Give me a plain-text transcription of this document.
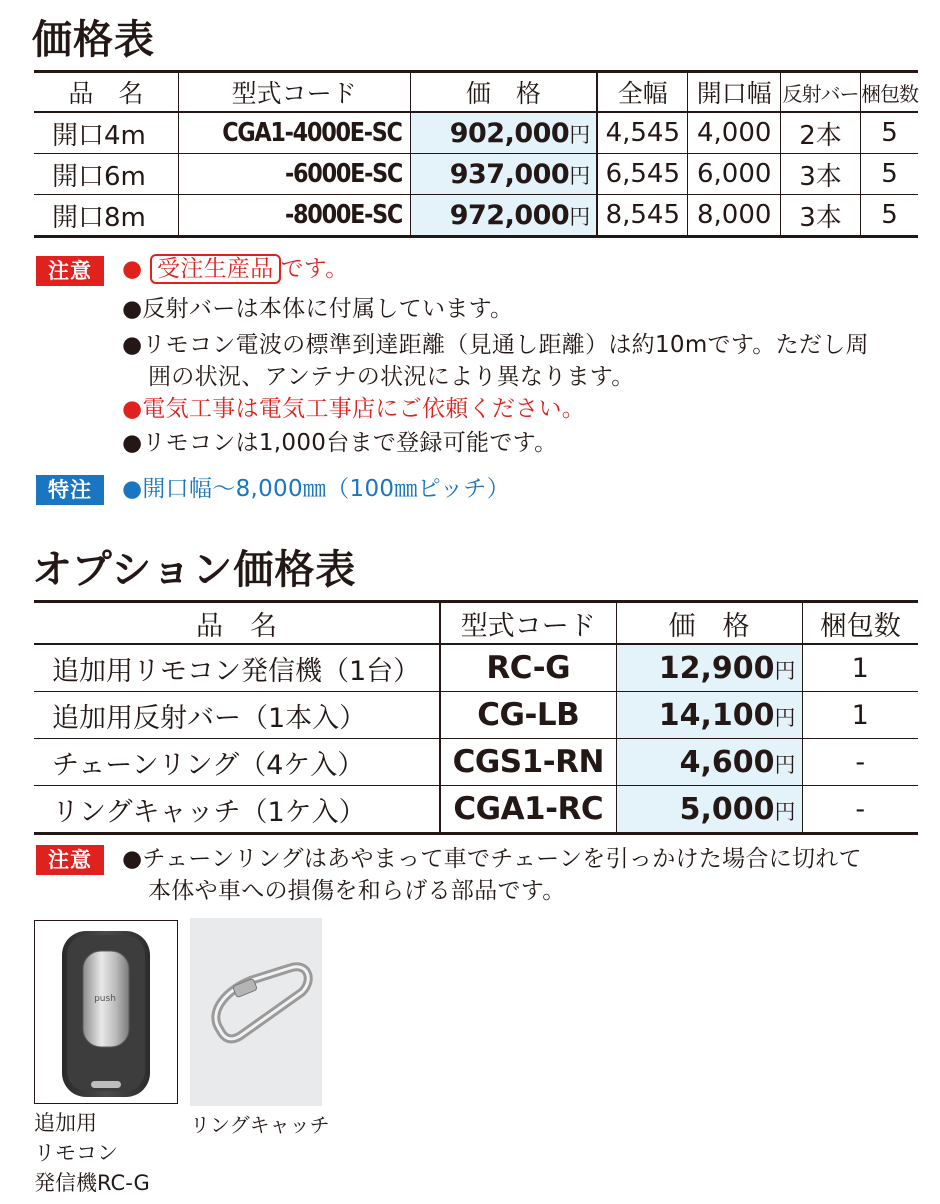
価格表
品　名	型式コード	価　格	全幅	開口幅	反射バー	梱包数
開口4m	CGA1-4000E-SC	902,000円	4,545	4,000	2本	5
開口6m	-6000E-SC	937,000円	6,545	6,000	3本	5
開口8m	-8000E-SC	972,000円	8,545	8,000	3本	5
注意	● 受注生産品 です。
●反射バーは本体に付属しています。
●リモコン電波の標準到達距離（見通し距離）は約10mです。ただし周
囲の状況、アンテナの状況により異なります。
●電気工事は電気工事店にご依頼ください。
●リモコンは1,000台まで登録可能です。
特注	●開口幅〜8,000㎜（100㎜ピッチ）
オプション価格表
品　名	型式コード	価　格	梱包数
追加用リモコン発信機（1台）	RC-G	12,900円	1
追加用反射バー（1本入）	CG-LB	14,100円	1
チェーンリング（4ケ入）	CGS1-RN	4,600円	-
リングキャッチ（1ケ入）	CGA1-RC	5,000円	-
注意	●チェーンリングはあやまって車でチェーンを引っかけた場合に切れて
本体や車への損傷を和らげる部品です。
push
追加用
リモコン
発信機RC-G
リングキャッチ
